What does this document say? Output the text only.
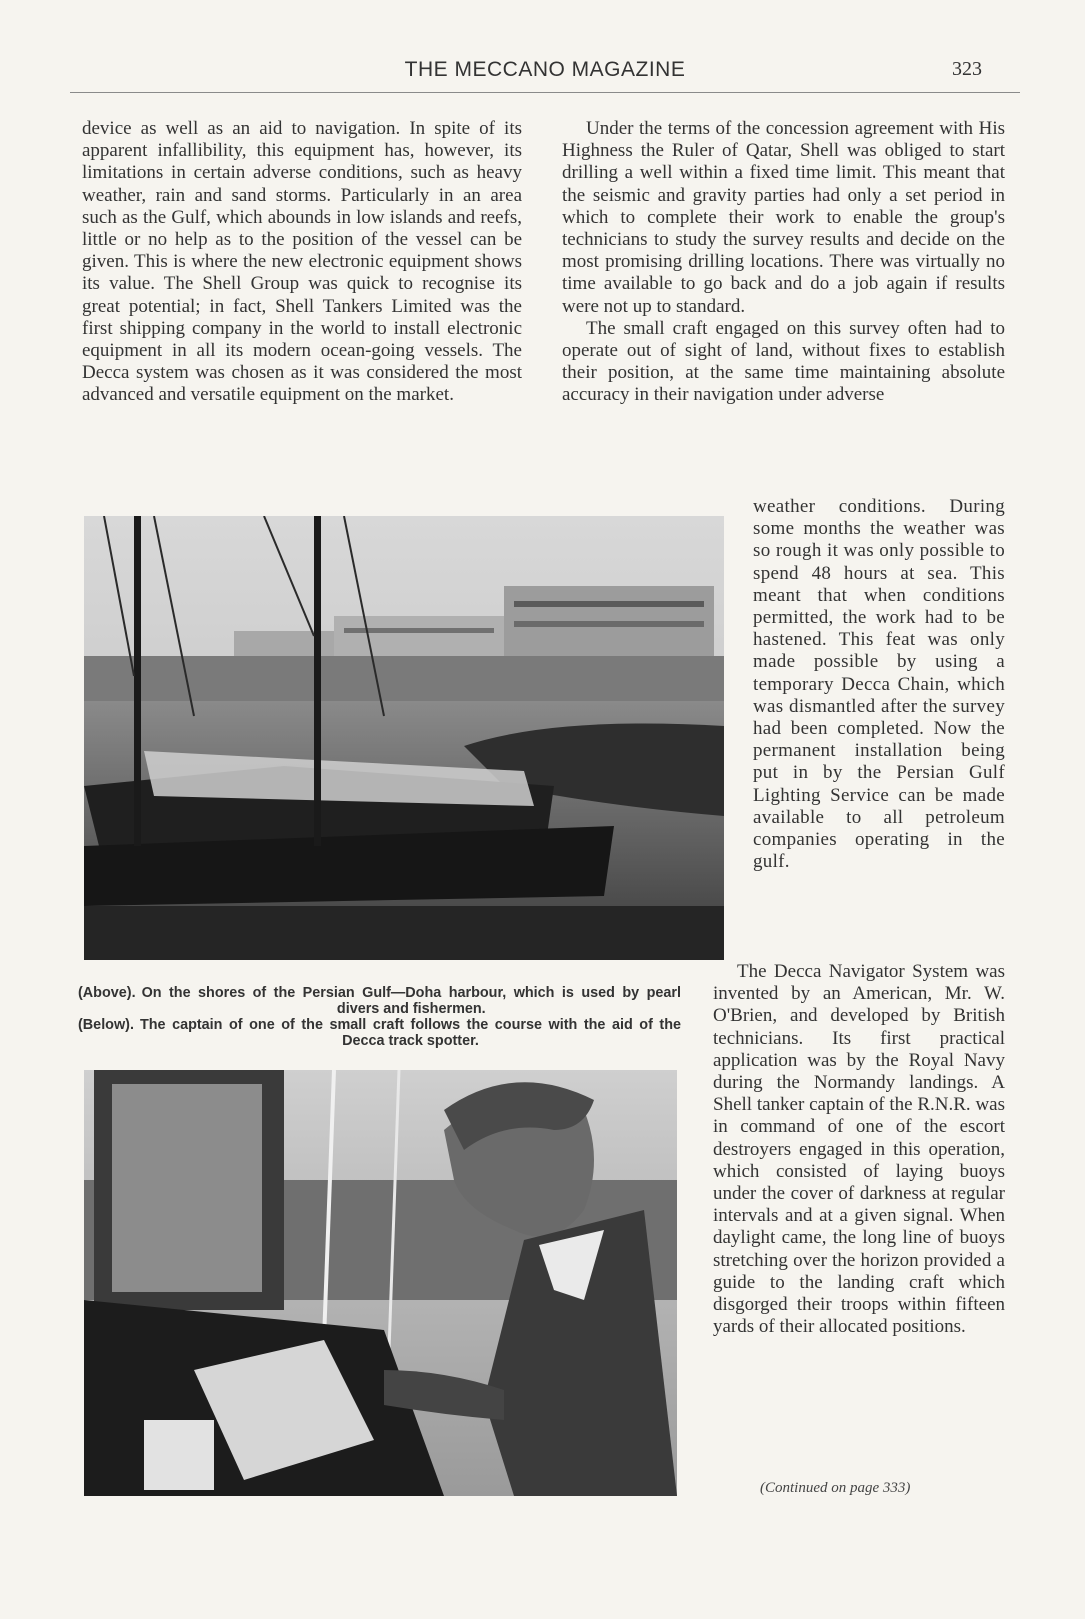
THE MECCANO MAGAZINE	323

device as well as an aid to navigation. In spite of its apparent infallibility, this equipment has, however, its limitations in certain adverse conditions, such as heavy weather, rain and sand storms. Particularly in an area such as the Gulf, which abounds in low islands and reefs, little or no help as to the position of the vessel can be given. This is where the new electronic equipment shows its value. The Shell Group was quick to recognise its great potential; in fact, Shell Tankers Limited was the first shipping company in the world to install electronic equipment in all its modern ocean-going vessels. The Decca system was chosen as it was considered the most advanced and versatile equipment on the market.

Under the terms of the concession agreement with His Highness the Ruler of Qatar, Shell was obliged to start drilling a well within a fixed time limit. This meant that the seismic and gravity parties had only a set period in which to complete their work to enable the group's technicians to study the survey results and decide on the most promising drilling locations. There was virtually no time available to go back and do a job again if results were not up to standard.

The small craft engaged on this survey often had to operate out of sight of land, without fixes to establish their position, at the same time maintaining absolute accuracy in their navigation under adverse

weather conditions. During some months the weather was so rough it was only possible to spend 48 hours at sea. This meant that when conditions permitted, the work had to be hastened. This feat was only made possible by using a temporary Decca Chain, which was dismantled after the survey had been completed. Now the permanent installation being put in by the Persian Gulf Lighting Service can be made available to all petroleum companies operating in the gulf.

The Decca Navigator System was invented by an American, Mr. W. O'Brien, and developed by British technicians. Its first practical application was by the Royal Navy during the Normandy landings. A Shell tanker captain of the R.N.R. was in command of one of the escort destroyers engaged in this operation, which consisted of laying buoys under the cover of darkness at regular intervals and at a given signal. When daylight came, the long line of buoys stretching over the horizon provided a guide to the landing craft which disgorged their troops within fifteen yards of their allocated positions.

(Continued on page 333)
(Above). On the shores of the Persian Gulf—Doha harbour, which is used by pearl divers and fishermen.
(Below). The captain of one of the small craft follows the course with the aid of the Decca track spotter.
